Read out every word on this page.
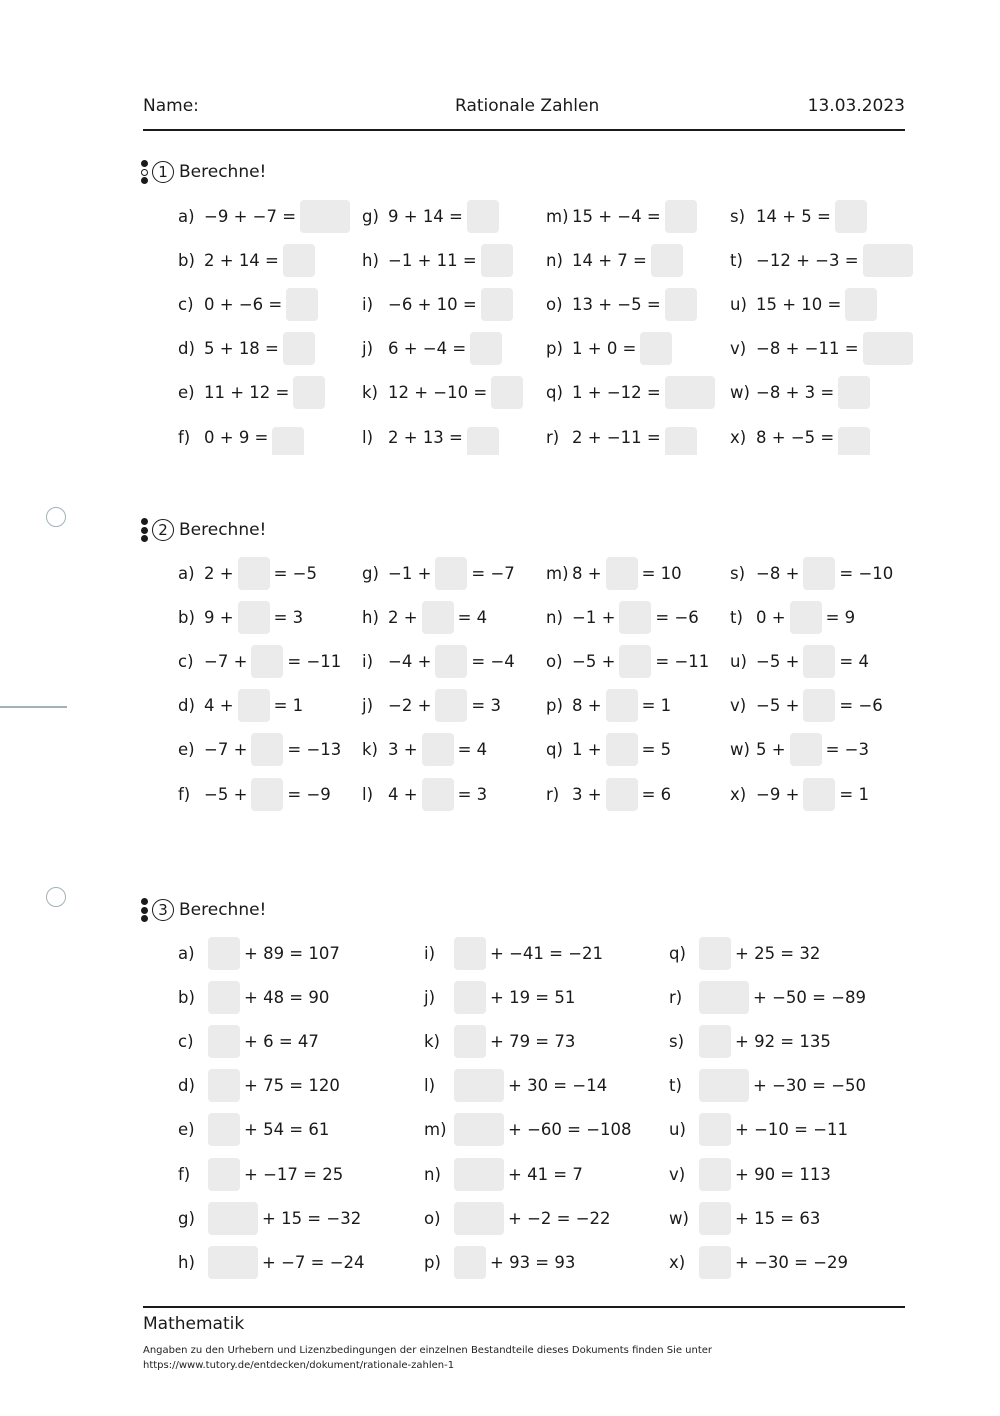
Name:	Rationale Zahlen	13.03.2023
1 Berechne!
2 Berechne!
3 Berechne!
a) −9 + −7 =
b) 2 + 14 =
c) 0 + −6 =
d) 5 + 18 =
e) 11 + 12 =
f) 0 + 9 =
g) 9 + 14 =
h) −1 + 11 =
i) −6 + 10 =
j) 6 + −4 =
k) 12 + −10 =
l) 2 + 13 =
m) 15 + −4 =
n) 14 + 7 =
o) 13 + −5 =
p) 1 + 0 =
q) 1 + −12 =
r) 2 + −11 =
s) 14 + 5 =
t) −12 + −3 =
u) 15 + 10 =
v) −8 + −11 =
w) −8 + 3 =
x) 8 + −5 =
a) 2 + = −5
b) 9 + = 3
c) −7 + = −11
d) 4 + = 1
e) −7 + = −13
f) −5 + = −9
g) −1 + = −7
h) 2 + = 4
i) −4 + = −4
j) −2 + = 3
k) 3 + = 4
l) 4 + = 3
m) 8 + = 10
n) −1 + = −6
o) −5 + = −11
p) 8 + = 1
q) 1 + = 5
r) 3 + = 6
s) −8 + = −10
t) 0 + = 9
u) −5 + = 4
v) −5 + = −6
w) 5 + = −3
x) −9 + = 1
a)	+ 89 = 107
b)	+ 48 = 90
c)	+ 6 = 47
d)	+ 75 = 120
e)	+ 54 = 61
f)	+ −17 = 25
g)	+ 15 = −32
h)	+ −7 = −24
i)	+ −41 = −21
j)	+ 19 = 51
k)	+ 79 = 73
l)	+ 30 = −14
m)	+ −60 = −108
n)	+ 41 = 7
o)	+ −2 = −22
p)	+ 93 = 93
q)	+ 25 = 32
r)	+ −50 = −89
s)	+ 92 = 135
t)	+ −30 = −50
u)	+ −10 = −11
v)	+ 90 = 113
w)	+ 15 = 63
x)	+ −30 = −29
Mathematik
Angaben zu den Urhebern und Lizenzbedingungen der einzelnen Bestandteile dieses Dokuments finden Sie unter
https://www.tutory.de/entdecken/dokument/rationale-zahlen-1
